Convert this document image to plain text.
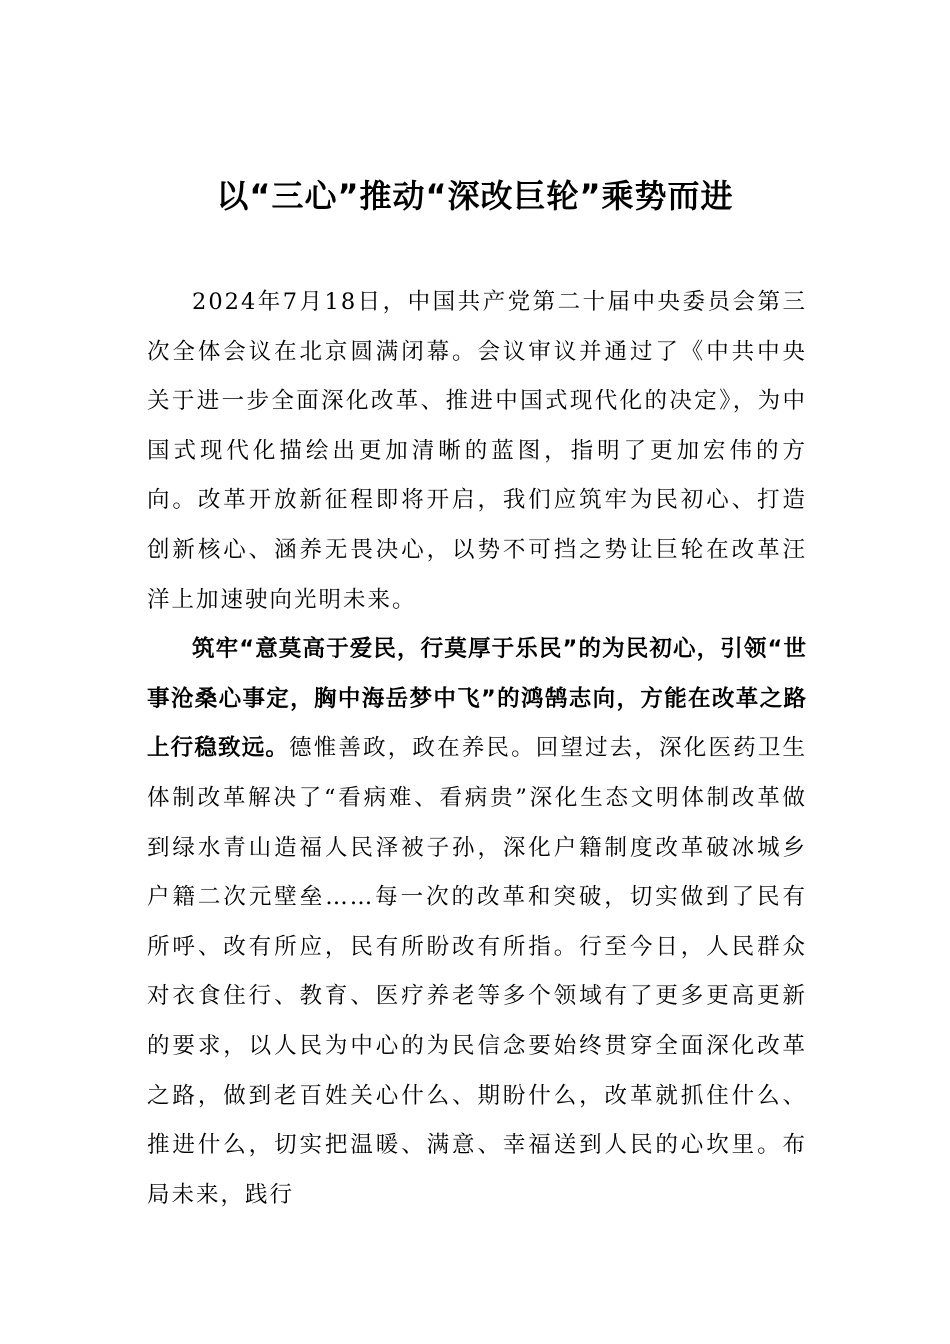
以“三心”推动“深改巨轮”乘势而进

2024年7月18日，中国共产党第二十届中央委员会第三次全体会议在北京圆满闭幕。会议审议并通过了《中共中央关于进一步全面深化改革、推进中国式现代化的决定》，为中国式现代化描绘出更加清晰的蓝图，指明了更加宏伟的方向。改革开放新征程即将开启，我们应筑牢为民初心、打造创新核心、涵养无畏决心，以势不可挡之势让巨轮在改革汪洋上加速驶向光明未来。

筑牢“意莫高于爱民，行莫厚于乐民”的为民初心，引领“世事沧桑心事定，胸中海岳梦中飞”的鸿鹄志向，方能在改革之路上行稳致远。德惟善政，政在养民。回望过去，深化医药卫生体制改革解决了“看病难、看病贵”深化生态文明体制改革做到绿水青山造福人民泽被子孙，深化户籍制度改革破冰城乡户籍二次元壁垒……每一次的改革和突破，切实做到了民有所呼、改有所应，民有所盼改有所指。行至今日，人民群众对衣食住行、教育、医疗养老等多个领域有了更多更高更新的要求，以人民为中心的为民信念要始终贯穿全面深化改革之路，做到老百姓关心什么、期盼什么，改革就抓住什么、推进什么，切实把温暖、满意、幸福送到人民的心坎里。布局未来，践行
